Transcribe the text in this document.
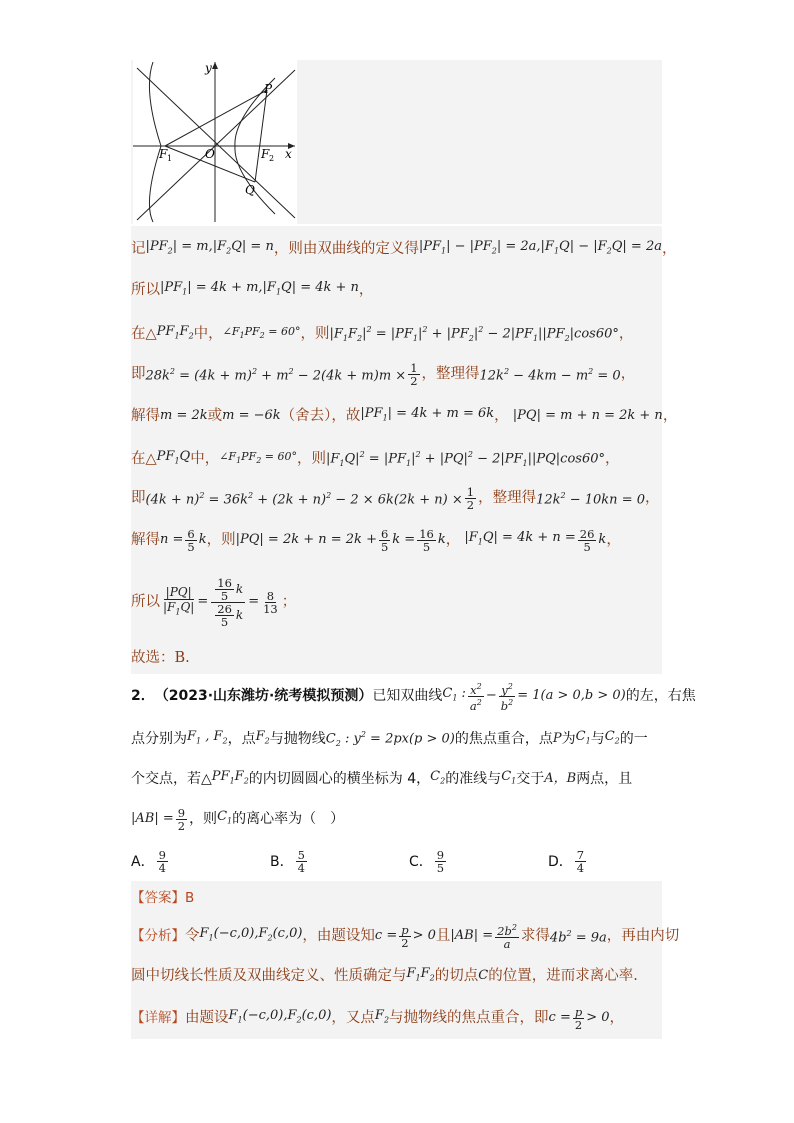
y
x
P
O
F 1	F 2
Q
记 $|PF_2| = m,|F_2Q| = n$ ，则由双曲线的定义得 $|PF_1| - |PF_2| = 2a,|F_1Q| - |F_2Q| = 2a$ ，
所以 $|PF_1| = 4k + m,|F_1Q| = 4k + n$ ，
在△ $PF_1F_2$ 中， $\angle F_1PF_2 = 60^\circ$ ，则 $|F_1F_2|^2 = |PF_1|^2 + |PF_2|^2 - 2|PF_1||PF_2|\cos 60^\circ$ ，
即 $28k^2 = (4k + m)^2 + m^2 - 2(4k + m)m \times \frac{1}{2}$ ，整理得 $12k^2 - 4km - m^2 = 0$ ，
解得 m = 2k 或 m = −6k （舍去），故 $|PF_1| = 4k + m = 6k$ ， |PQ| = m + n = 2k + n ，
在△ $PF_1Q$ 中， $\angle F_1PF_2 = 60^\circ$ ，则 $|F_1Q|^2 = |PF_1|^2 + |PQ|^2 - 2|PF_1||PQ|\cos 60^\circ$ ，
即 $(4k + n)^2 = 36k^2 + (2k + n)^2 - 2 \times 6k(2k + n) \times \frac{1}{2}$ ，整理得 $12k^2 - 10kn = 0$ ，
解得 $n = \frac{6}{5}$ k ，则 $|PQ| = 2k + n = 2k + \frac{6}{5}$ $k = \frac{16}{5}$ k ， $|F_1Q| = 4k + n = \frac{26}{5}$ k ，
所以 $\frac{|PQ|}{|F_1Q|} = \frac{\frac{16}{5} k}{\frac{26}{5} k} = \frac{8}{13}$ ；
故选：B.
2． （2023·山东潍坊·统考模拟预测） 已知双曲线 $C_1$ : $\frac{x^2}{a^2} - \frac{y^2}{b^2} = 1(a > 0,b > 0)$ 的左，右焦
点分别为 $F_1$ , $F_2$ ，点 $F_2$ 与抛物线 $C_2$ : $y^2 = 2px(p > 0)$ 的焦点重合，点 P 为 $C_1$ 与 $C_2$ 的一
个交点，若△ $PF_1F_2$ 的内切圆圆心的横坐标为 4， $C_2$ 的准线与 $C_1$ 交于 A，B 两点，且
$|AB| = \frac{9}{2}$ ，则 $C_1$ 的离心率为（　）
A． $\frac{9}{4}$	B． $\frac{5}{4}$	C． $\frac{9}{5}$	D． $\frac{7}{4}$
【答案】 B
【分析】 令 $F_1(-c,0),F_2(c,0)$ ，由题设知 $c = \frac{p}{2} > 0$ 且 $|AB| = \frac{2b^2}{a}$ 求得 $4b^2 = 9a$ ，再由内切
圆中切线长性质及双曲线定义、性质确定与 $F_1F_2$ 的切点 C 的位置，进而求离心率.
【详解】 由题设 $F_1(-c,0),F_2(c,0)$ ，又点 $F_2$ 与抛物线的焦点重合，即 $c = \frac{p}{2} > 0$ ，
